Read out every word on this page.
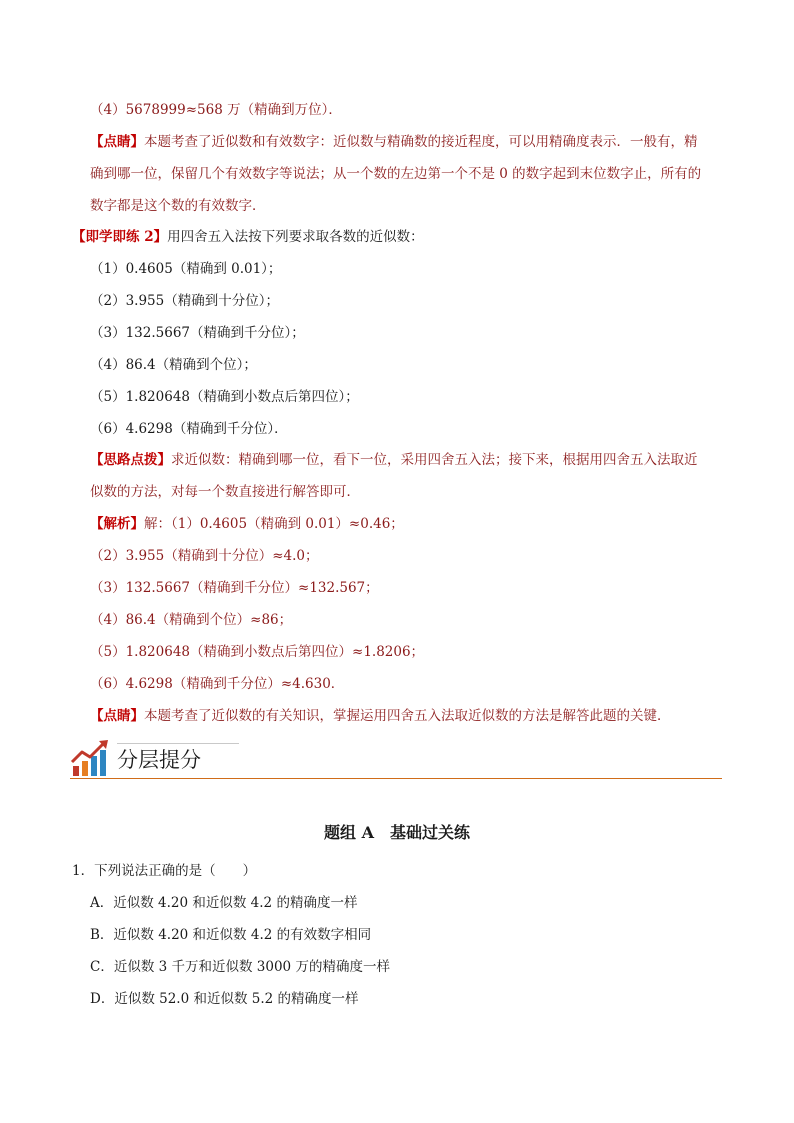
（4）5678999≈568 万（精确到万位）．
【点睛】本题考查了近似数和有效数字：近似数与精确数的接近程度，可以用精确度表示．一般有，精
确到哪一位，保留几个有效数字等说法；从一个数的左边第一个不是 0 的数字起到末位数字止，所有的
数字都是这个数的有效数字．
【即学即练 2】用四舍五入法按下列要求取各数的近似数：
（1）0.4605（精确到 0.01）；
（2）3.955（精确到十分位）；
（3）132.5667（精确到千分位）；
（4）86.4（精确到个位）；
（5）1.820648（精确到小数点后第四位）；
（6）4.6298（精确到千分位）．
【思路点拨】求近似数：精确到哪一位，看下一位，采用四舍五入法；接下来，根据用四舍五入法取近
似数的方法，对每一个数直接进行解答即可．
【解析】解：（1）0.4605（精确到 0.01）≈0.46；
（2）3.955（精确到十分位）≈4.0；
（3）132.5667（精确到千分位）≈132.567；
（4）86.4（精确到个位）≈86；
（5）1.820648（精确到小数点后第四位）≈1.8206；
（6）4.6298（精确到千分位）≈4.630．
【点睛】本题考查了近似数的有关知识，掌握运用四舍五入法取近似数的方法是解答此题的关键．
分层提分
题组 A　基础过关练
1．下列说法正确的是（　　）
A．近似数 4.20 和近似数 4.2 的精确度一样
B．近似数 4.20 和近似数 4.2 的有效数字相同
C．近似数 3 千万和近似数 3000 万的精确度一样
D．近似数 52.0 和近似数 5.2 的精确度一样
